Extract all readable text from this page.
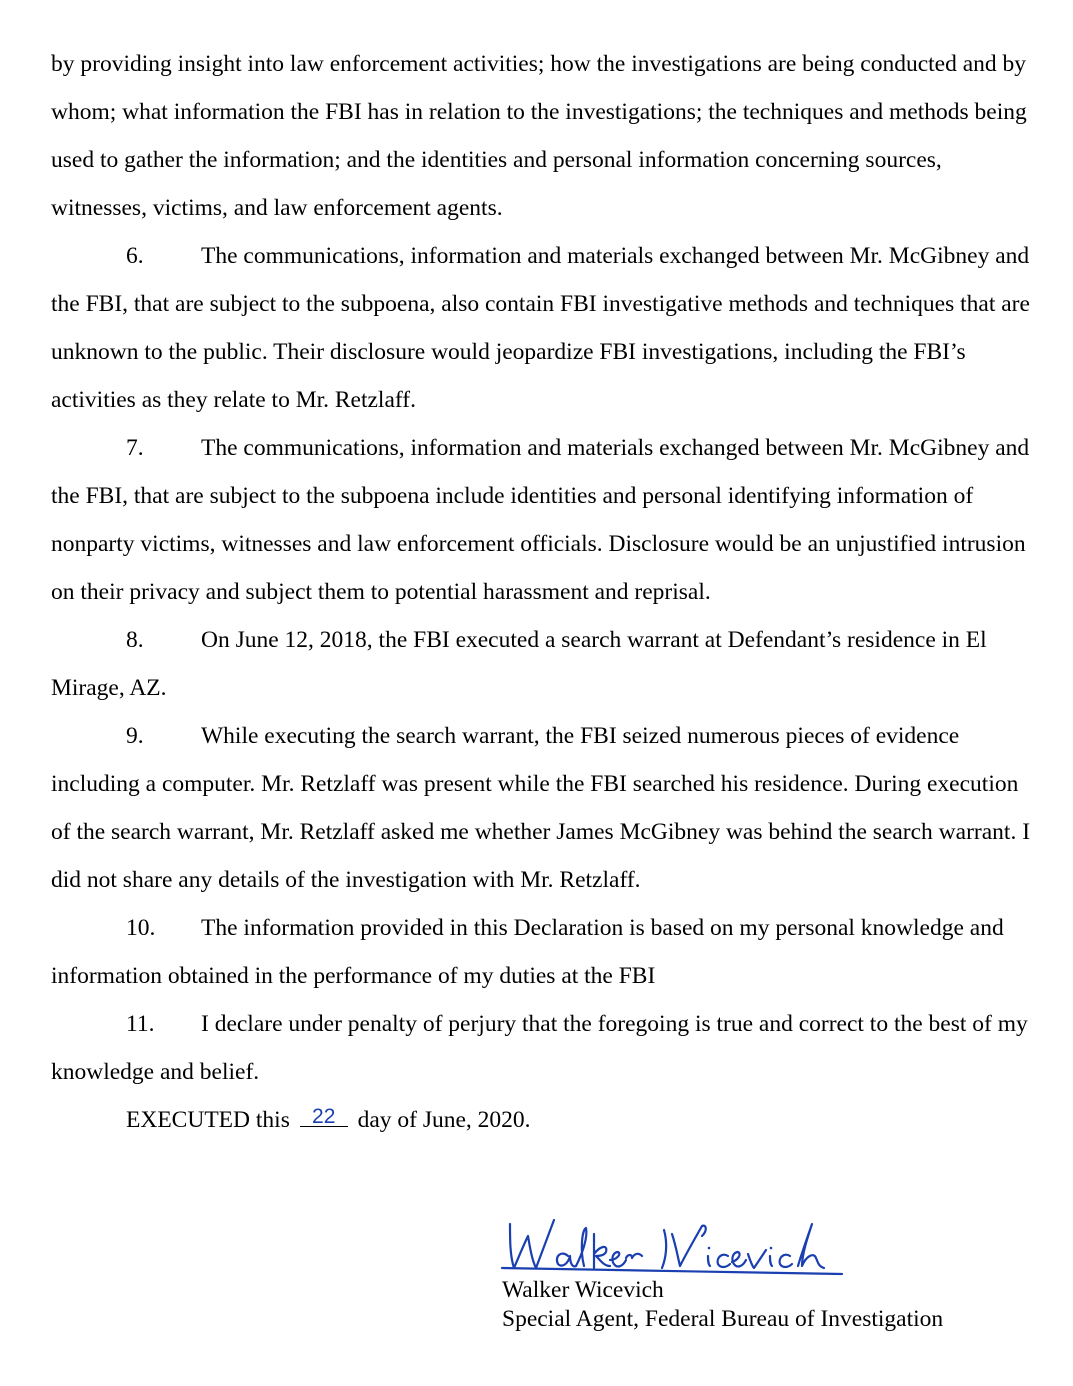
by providing insight into law enforcement activities; how the investigations are being conducted and by whom; what information the FBI has in relation to the investigations; the techniques and methods being used to gather the information; and the identities and personal information concerning sources, witnesses, victims, and law enforcement agents.

6. The communications, information and materials exchanged between Mr. McGibney and the FBI, that are subject to the subpoena, also contain FBI investigative methods and techniques that are unknown to the public. Their disclosure would jeopardize FBI investigations, including the FBI’s activities as they relate to Mr. Retzlaff.

7. The communications, information and materials exchanged between Mr. McGibney and the FBI, that are subject to the subpoena include identities and personal identifying information of nonparty victims, witnesses and law enforcement officials. Disclosure would be an unjustified intrusion on their privacy and subject them to potential harassment and reprisal.

8. On June 12, 2018, the FBI executed a search warrant at Defendant’s residence in El Mirage, AZ.

9. While executing the search warrant, the FBI seized numerous pieces of evidence including a computer. Mr. Retzlaff was present while the FBI searched his residence. During execution of the search warrant, Mr. Retzlaff asked me whether James McGibney was behind the search warrant. I did not share any details of the investigation with Mr. Retzlaff.

10. The information provided in this Declaration is based on my personal knowledge and information obtained in the performance of my duties at the FBI

11. I declare under penalty of perjury that the foregoing is true and correct to the best of my knowledge and belief.

EXECUTED this	22 day of June, 2020.

Walker Wicevich
Special Agent, Federal Bureau of Investigation
